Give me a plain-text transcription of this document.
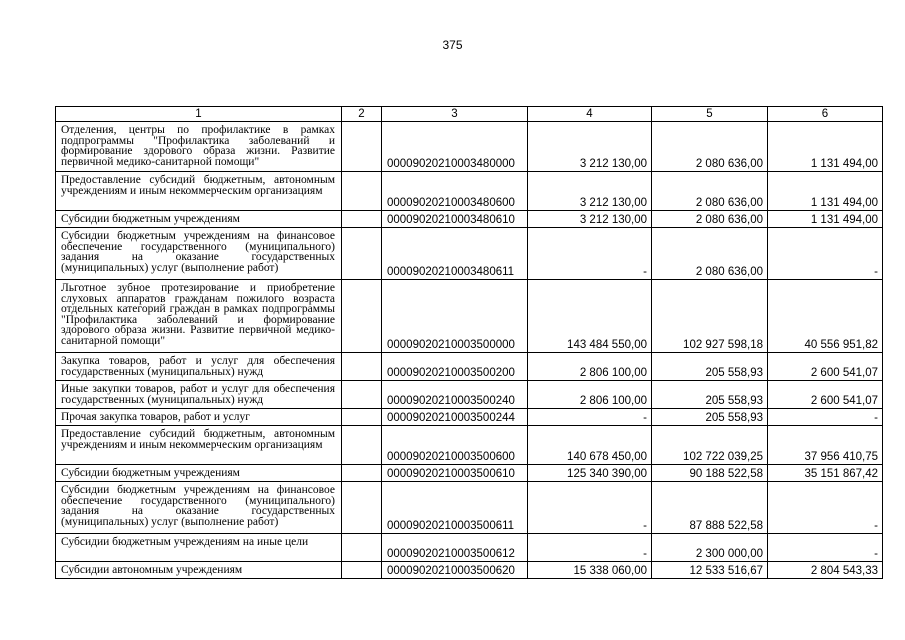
375
1	2	3	4	5	6
Отделения, центры по профилактике в рамках подпрограммы "Профилактика заболеваний и формирование здорового образа жизни. Развитие первичной медико-санитарной помощи"		00009020210003480000	3 212 130,00	2 080 636,00	1 131 494,00
Предоставление субсидий бюджетным, автономным учреждениям и иным некоммерческим организациям		00009020210003480600	3 212 130,00	2 080 636,00	1 131 494,00
Субсидии бюджетным учреждениям		00009020210003480610	3 212 130,00	2 080 636,00	1 131 494,00
Субсидии бюджетным учреждениям на финансовое обеспечение государственного (муниципального) задания на оказание государственных (муниципальных) услуг (выполнение работ)		00009020210003480611	-	2 080 636,00	-
Льготное зубное протезирование и приобретение слуховых аппаратов гражданам пожилого возраста отдельных категорий граждан в рамках подпрограммы "Профилактика заболеваний и формирование здорового образа жизни. Развитие первичной медико-санитарной помощи"		00009020210003500000	143 484 550,00	102 927 598,18	40 556 951,82
Закупка товаров, работ и услуг для обеспечения государственных (муниципальных) нужд		00009020210003500200	2 806 100,00	205 558,93	2 600 541,07
Иные закупки товаров, работ и услуг для обеспечения государственных (муниципальных) нужд		00009020210003500240	2 806 100,00	205 558,93	2 600 541,07
Прочая закупка товаров, работ и услуг		00009020210003500244	-	205 558,93	-
Предоставление субсидий бюджетным, автономным учреждениям и иным некоммерческим организациям		00009020210003500600	140 678 450,00	102 722 039,25	37 956 410,75
Субсидии бюджетным учреждениям		00009020210003500610	125 340 390,00	90 188 522,58	35 151 867,42
Субсидии бюджетным учреждениям на финансовое обеспечение государственного (муниципального) задания на оказание государственных (муниципальных) услуг (выполнение работ)		00009020210003500611	-	87 888 522,58	-
Субсидии бюджетным учреждениям на иные цели		00009020210003500612	-	2 300 000,00	-
Субсидии автономным учреждениям		00009020210003500620	15 338 060,00	12 533 516,67	2 804 543,33
